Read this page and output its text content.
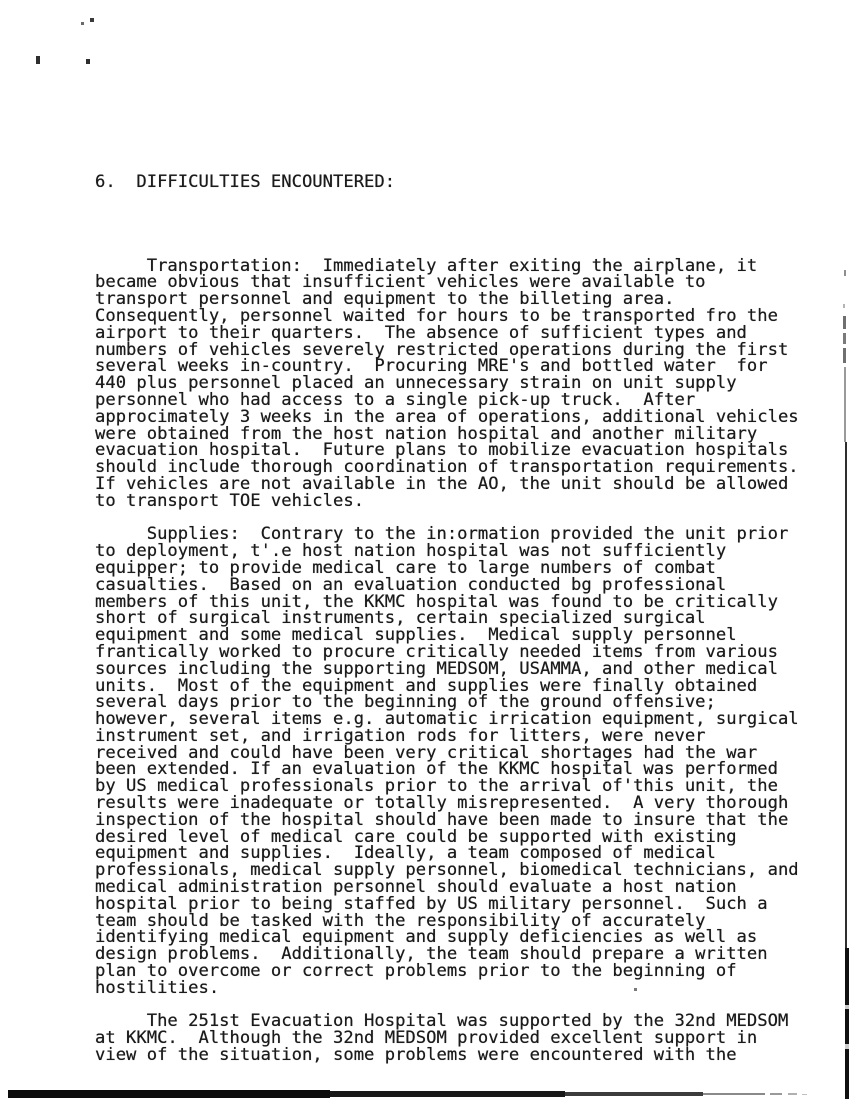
6.  DIFFICULTIES ENCOUNTERED:

Transportation:  Immediately after exiting the airplane, it
became obvious that insufficient vehicles were available to
transport personnel and equipment to the billeting area.
Consequently, personnel waited for hours to be transported fro the
airport to their quarters.  The absence of sufficient types and
numbers of vehicles severely restricted operations during the first
several weeks in-country.  Procuring MRE's and bottled water  for
440 plus personnel placed an unnecessary strain on unit supply
personnel who had access to a single pick-up truck.  After
approcimately 3 weeks in the area of operations, additional vehicles
were obtained from the host nation hospital and another military
evacuation hospital.  Future plans to mobilize evacuation hospitals
should include thorough coordination of transportation requirements.
If vehicles are not available in the AO, the unit should be allowed
to transport TOE vehicles.
Supplies:  Contrary to the in:ormation provided the unit prior
to deployment, t'.e host nation hospital was not sufficiently
equipper; to provide medical care to large numbers of combat
casualties.  Based on an evaluation conducted bg professional
members of this unit, the KKMC hospital was found to be critically
short of surgical instruments, certain specialized surgical
equipment and some medical supplies.  Medical supply personnel
frantically worked to procure critically needed items from various
sources including the supporting MEDSOM, USAMMA, and other medical
units.  Most of the equipment and supplies were finally obtained
several days prior to the beginning of the ground offensive;
however, several items e.g. automatic irrication equipment, surgical
instrument set, and irrigation rods for litters, were never
received and could have been very critical shortages had the war
been extended. If an evaluation of the KKMC hospital was performed
by US medical professionals prior to the arrival of'this unit, the
results were inadequate or totally misrepresented.  A very thorough
inspection of the hospital should have been made to insure that the
desired level of medical care could be supported with existing
equipment and supplies.  Ideally, a team composed of medical
professionals, medical supply personnel, biomedical technicians, and
medical administration personnel should evaluate a host nation
hospital prior to being staffed by US military personnel.  Such a
team should be tasked with the responsibility of accurately
identifying medical equipment and supply deficiencies as well as
design problems.  Additionally, the team should prepare a written
plan to overcome or correct problems prior to the beginning of
hostilities.
The 251st Evacuation Hospital was supported by the 32nd MEDSOM
at KKMC.  Although the 32nd MEDSOM provided excellent support in
view of the situation, some problems were encountered with the
